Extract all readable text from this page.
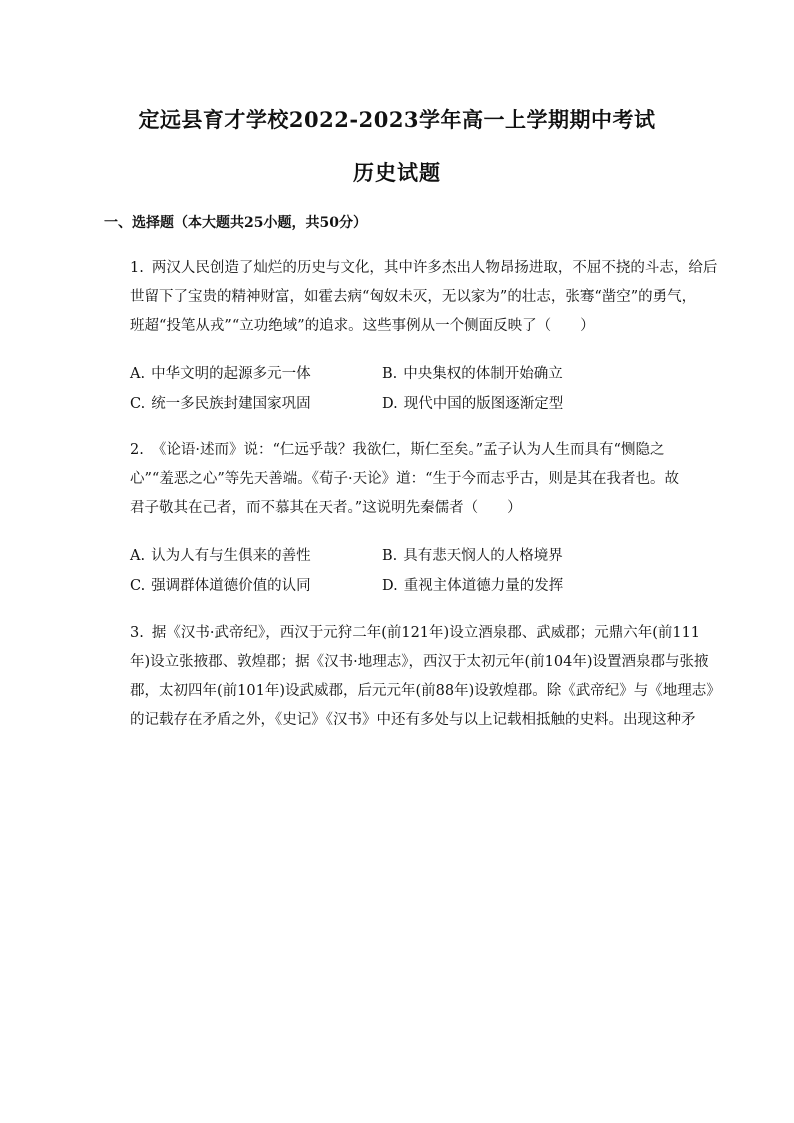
定远县育才学校2022-2023学年高一上学期期中考试
历史试题
一、选择题（本大题共25小题，共50分）
1. 两汉人民创造了灿烂的历史与文化，其中许多杰出人物昂扬进取，不屈不挠的斗志，给后
世留下了宝贵的精神财富，如霍去病“匈奴未灭，无以家为”的壮志，张骞“凿空”的勇气，
班超“投笔从戎”“立功绝域”的追求。这些事例从一个侧面反映了（　　）
A. 中华文明的起源多元一体	B. 中央集权的体制开始确立
C. 统一多民族封建国家巩固	D. 现代中国的版图逐渐定型
2. 《论语·述而》说：“仁远乎哉？我欲仁，斯仁至矣。”孟子认为人生而具有“恻隐之
心”“羞恶之心”等先天善端。《荀子·天论》道：“生于今而志乎古，则是其在我者也。故
君子敬其在己者，而不慕其在天者。”这说明先秦儒者（　　）
A. 认为人有与生俱来的善性	B. 具有悲天悯人的人格境界
C. 强调群体道德价值的认同	D. 重视主体道德力量的发挥
3. 据《汉书·武帝纪》，西汉于元狩二年(前121年)设立酒泉郡、武威郡；元鼎六年(前111
年)设立张掖郡、敦煌郡；据《汉书·地理志》，西汉于太初元年(前104年)设置酒泉郡与张掖
郡，太初四年(前101年)设武威郡，后元元年(前88年)设敦煌郡。除《武帝纪》与《地理志》
的记载存在矛盾之外，《史记》《汉书》中还有多处与以上记载相抵触的史料。出现这种矛
